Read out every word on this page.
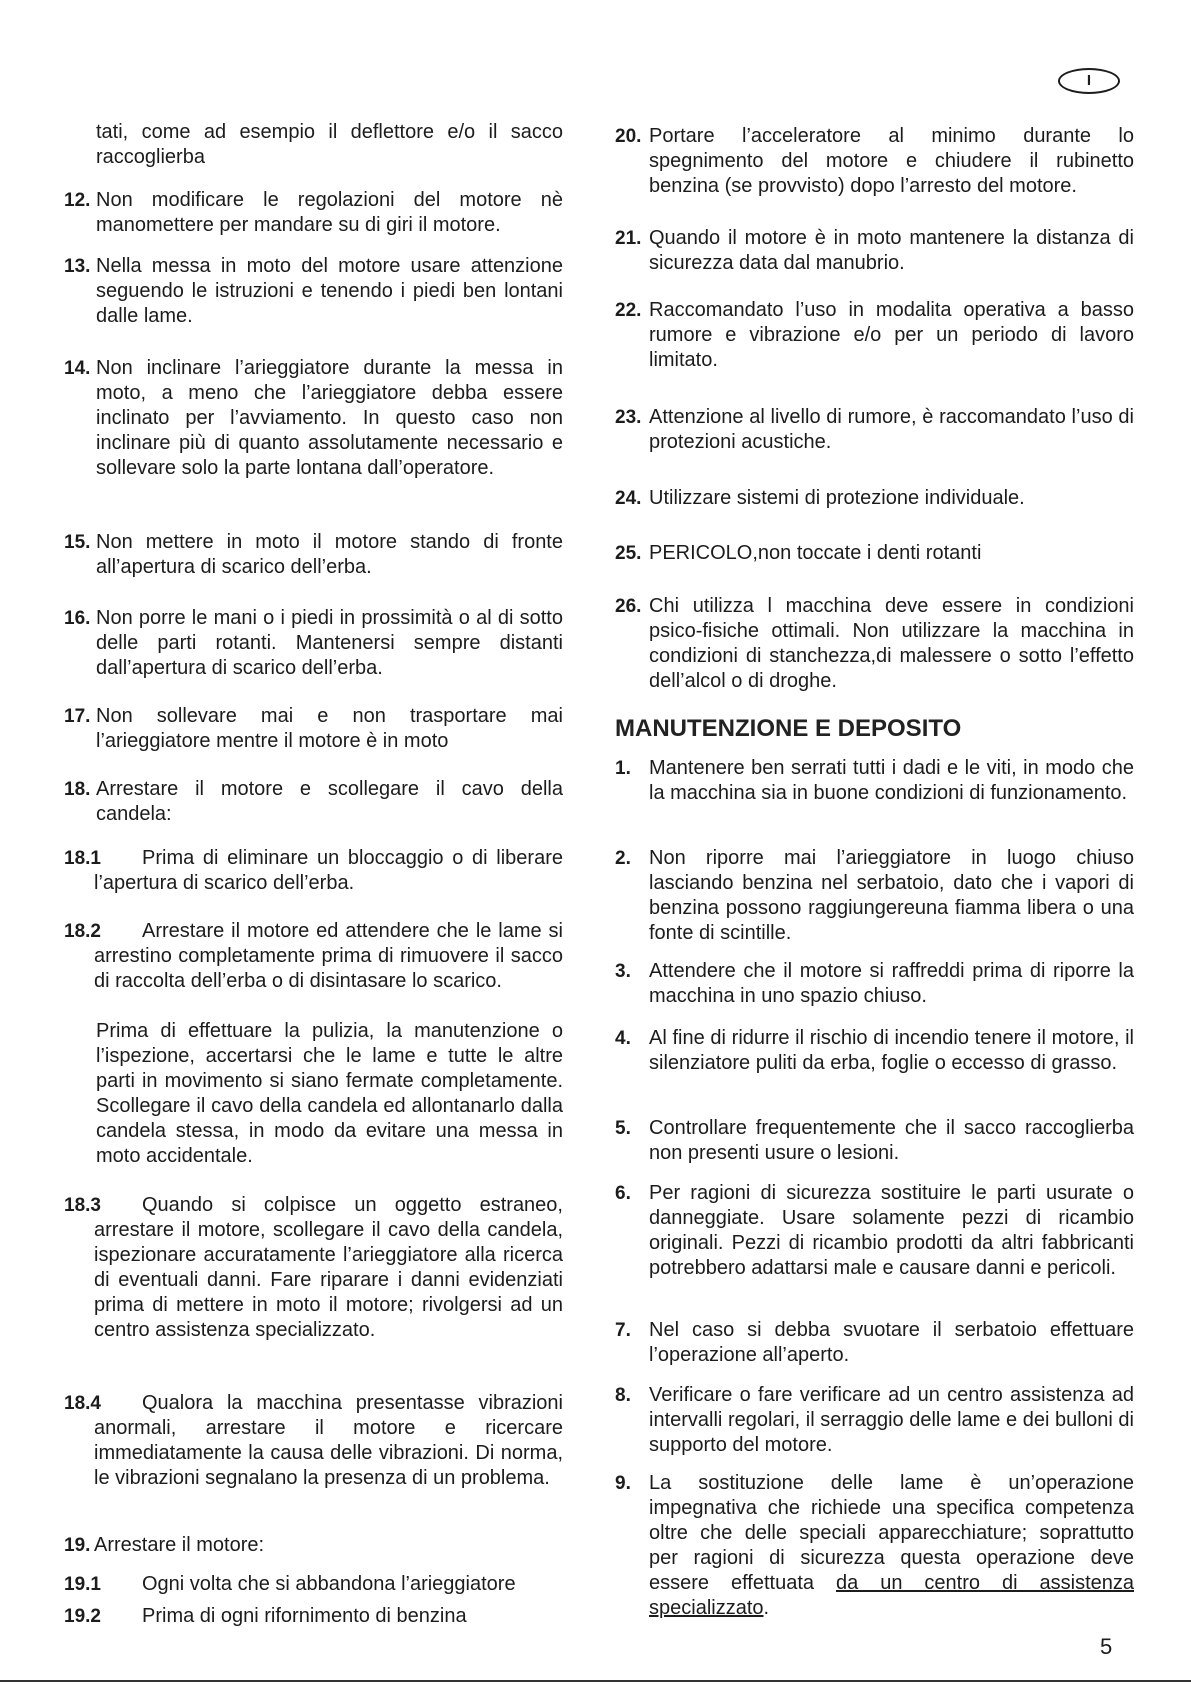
I
tati, come ad esempio il deflettore e/o il sacco raccoglierba
12. Non modificare le regolazioni del motore nè manomettere per mandare su di giri il motore.
13. Nella messa in moto del motore usare attenzione seguendo le istruzioni e tenendo i piedi ben lontani dalle lame.
14. Non inclinare l’arieggiatore durante la messa in moto, a meno che l’arieggiatore debba essere inclinato per l’avviamento. In questo caso non inclinare più di quanto assolutamente necessario e sollevare solo la parte lontana dall’operatore.
15. Non mettere in moto il motore stando di fronte all’apertura di scarico dell’erba.
16. Non porre le mani o i piedi in prossimità o al di sotto delle parti rotanti. Mantenersi sempre distanti dall’apertura di scarico dell’erba.
17. Non sollevare mai e non trasportare mai l’arieggiatore mentre il motore è in moto
18. Arrestare il motore e scollegare il cavo della candela:
18.1	Prima di eliminare un bloccaggio o di liberare l’apertura di scarico dell’erba.
18.2	Arrestare il motore ed attendere che le lame si arrestino completamente prima di rimuovere il sacco di raccolta dell’erba o di disintasare lo scarico.
Prima di effettuare la pulizia, la manutenzione o l’ispezione, accertarsi che le lame e tutte le altre parti in movimento si siano fermate completamente. Scollegare il cavo della candela ed allontanarlo dalla candela stessa, in modo da evitare una messa in moto accidentale.
18.3	Quando si colpisce un oggetto estraneo, arrestare il motore, scollegare il cavo della candela, ispezionare accuratamente l’arieggiatore alla ricerca di eventuali danni. Fare riparare i danni evidenziati prima di mettere in moto il motore; rivolgersi ad un centro assistenza specializzato.
18.4	Qualora la macchina presentasse vibrazioni anormali, arrestare il motore e ricercare immediatamente la causa delle vibrazioni. Di norma, le vibrazioni segnalano la presenza di un problema.
19. Arrestare il motore:
19.1 Ogni volta che si abbandona l’arieggiatore
19.2 Prima di ogni rifornimento di benzina
20. Portare l’acceleratore al minimo durante lo spegnimento del motore e chiudere il rubinetto benzina (se provvisto) dopo l’arresto del motore.
21. Quando il motore è in moto mantenere la distanza di sicurezza data dal manubrio.
22. Raccomandato l’uso in modalita operativa a basso rumore e vibrazione e/o per un periodo di lavoro limitato.
23. Attenzione al livello di rumore, è raccomandato l’uso di protezioni acustiche.
24. Utilizzare sistemi di protezione individuale.
25. PERICOLO,non toccate i denti rotanti
26. Chi utilizza l macchina deve essere in condizioni psico-fisiche ottimali. Non utilizzare la macchina in condizioni di stanchezza,di malessere o sotto l’effetto dell’alcol o di droghe.
MANUTENZIONE E DEPOSITO
1. Mantenere ben serrati tutti i dadi e le viti, in modo che la macchina sia in buone condizioni di funzionamento.
2. Non riporre mai l’arieggiatore in luogo chiuso lasciando benzina nel serbatoio, dato che i vapori di benzina possono raggiungereuna fiamma libera o una fonte di scintille.
3. Attendere che il motore si raffreddi prima di riporre la macchina in uno spazio chiuso.
4. Al fine di ridurre il rischio di incendio tenere il motore, il silenziatore puliti da erba, foglie o eccesso di grasso.
5. Controllare frequentemente che il sacco raccoglierba non presenti usure o lesioni.
6. Per ragioni di sicurezza sostituire le parti usurate o danneggiate. Usare solamente pezzi di ricambio originali. Pezzi di ricambio prodotti da altri fabbricanti potrebbero adattarsi male e causare danni e pericoli.
7. Nel caso si debba svuotare il serbatoio effettuare l’operazione all’aperto.
8. Verificare o fare verificare ad un centro assistenza ad intervalli regolari, il serraggio delle lame e dei bulloni di supporto del motore.
9. La sostituzione delle lame è un’operazione impegnativa che richiede una specifica competenza oltre che delle speciali apparecchiature; soprattutto per ragioni di sicurezza questa operazione deve essere effettuata da un centro di assistenza specializzato.
5
